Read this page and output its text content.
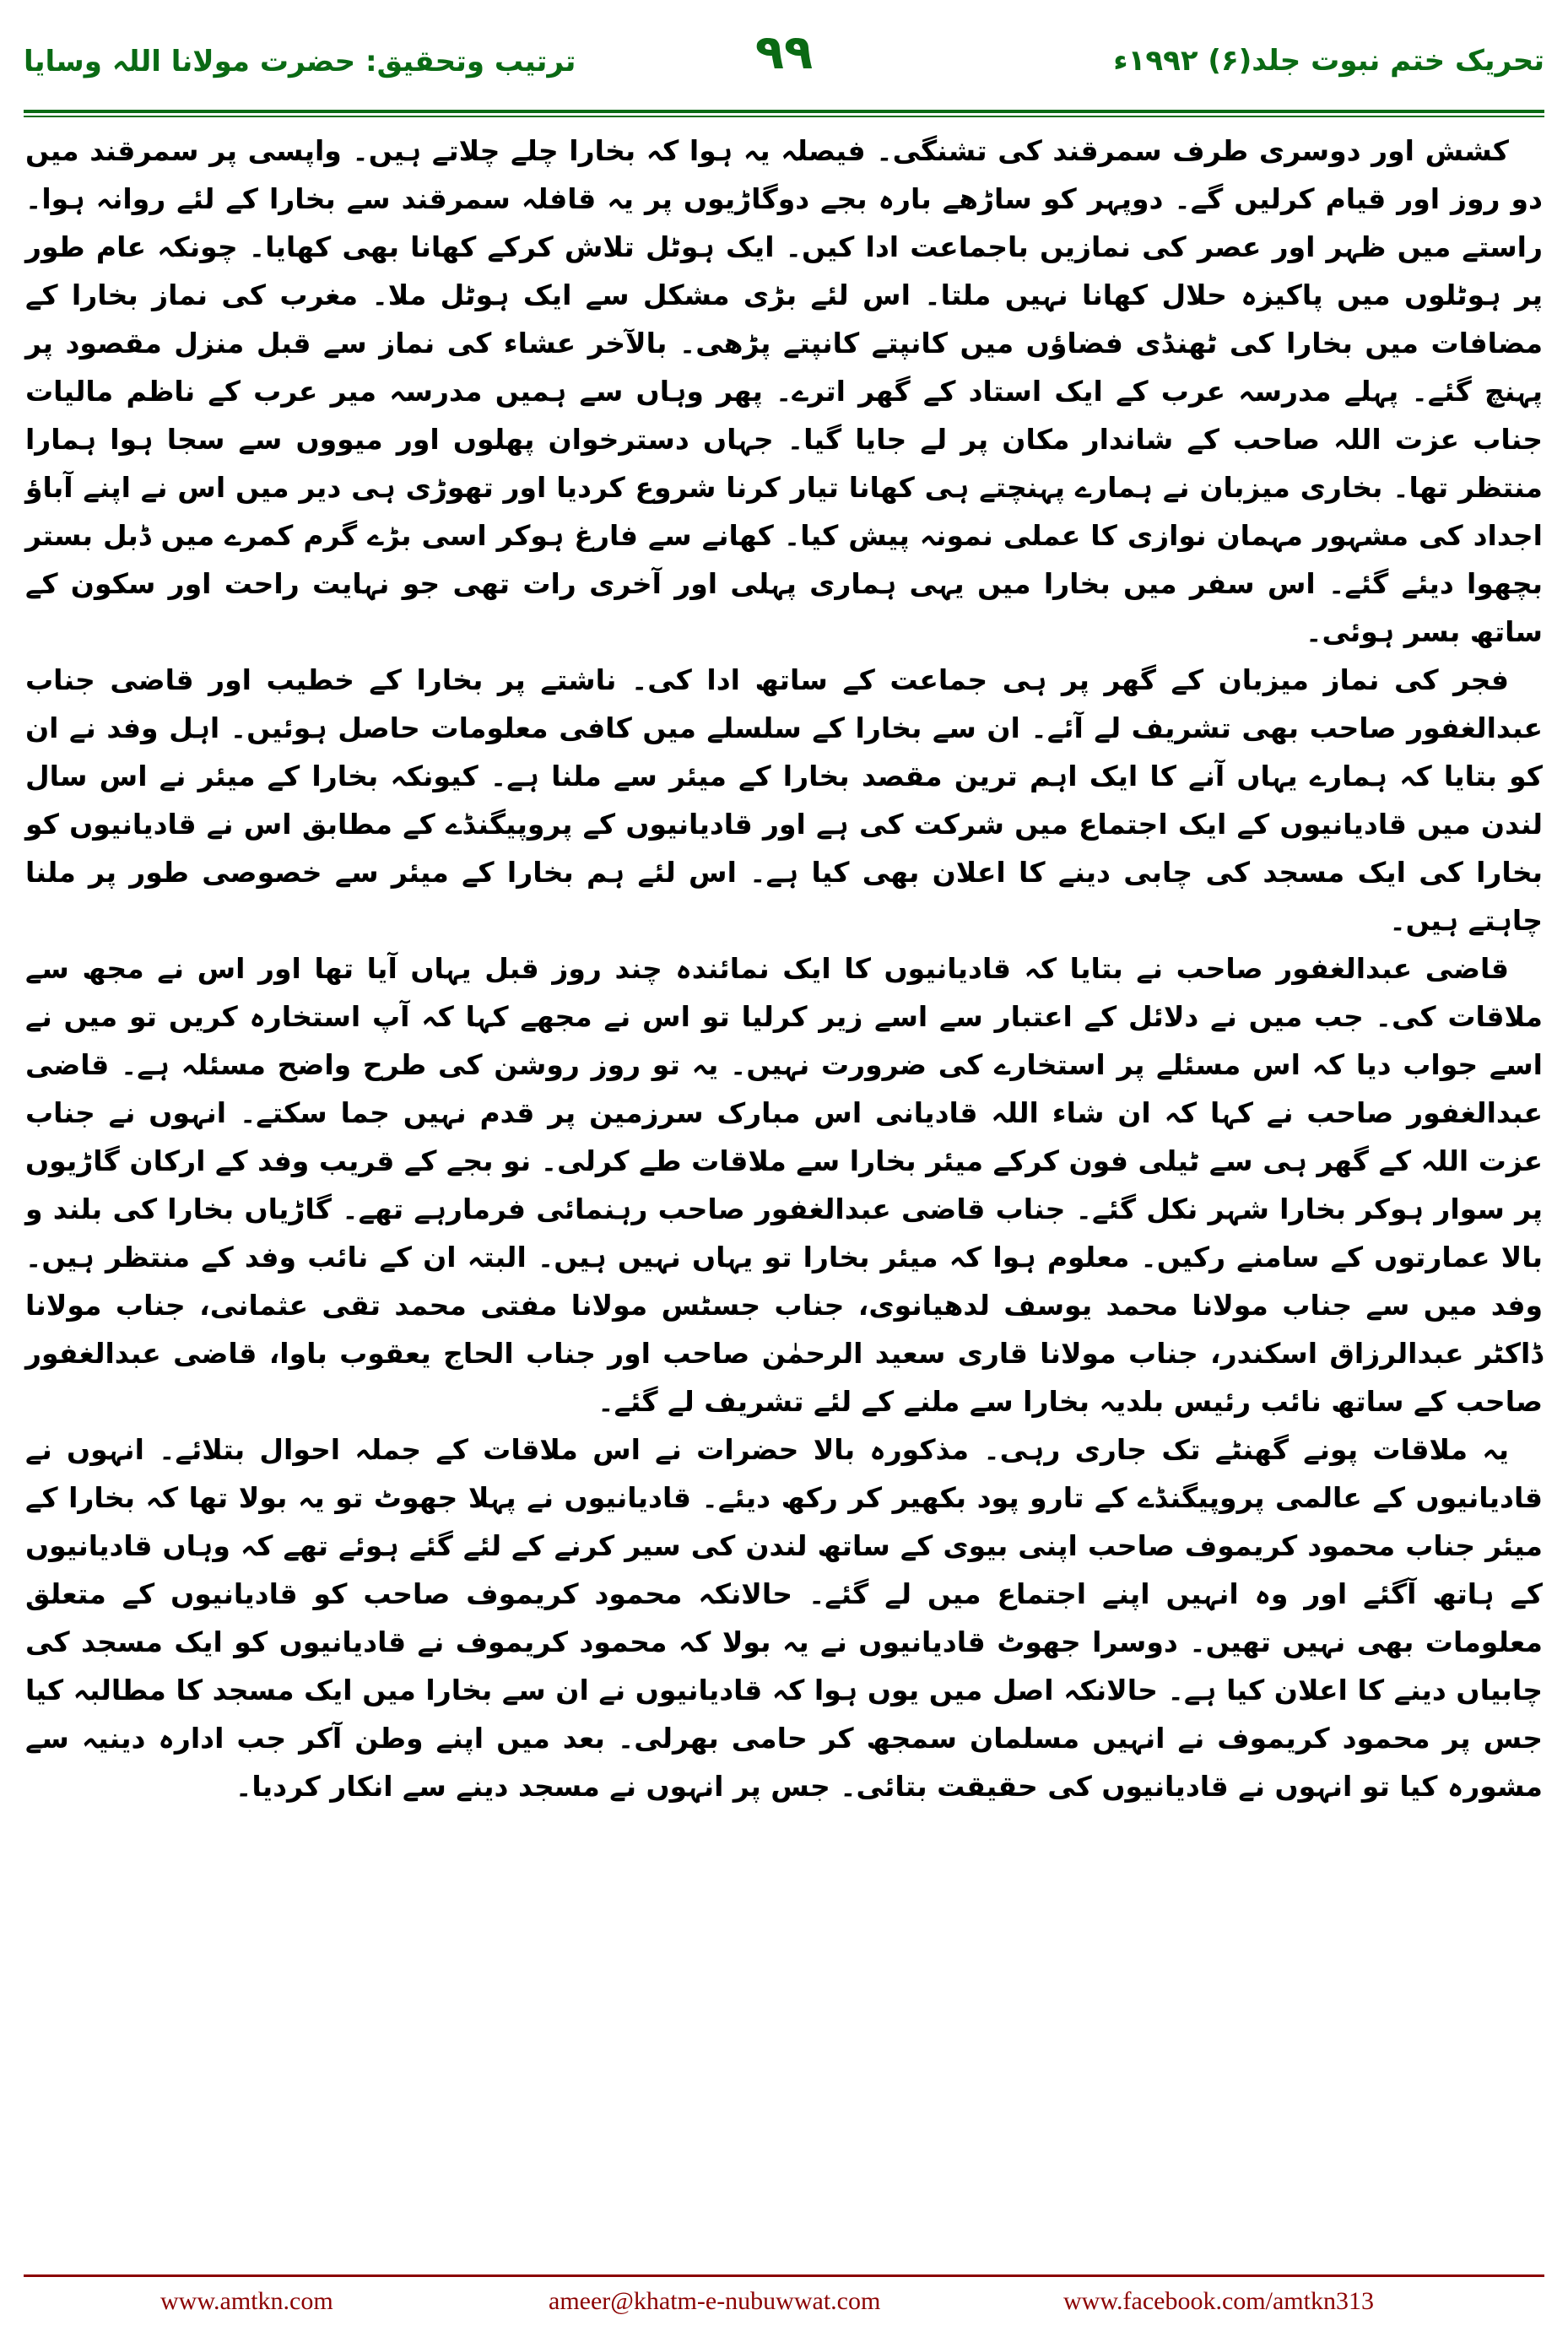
ترتیب وتحقیق: حضرت مولانا اللہ وسایا	۹۹	تحریک ختم نبوت جلد(۶) ۱۹۹۲ء

کشش اور دوسری طرف سمرقند کی تشنگی۔ فیصلہ یہ ہوا کہ بخارا چلے چلاتے ہیں۔ واپسی پر سمرقند میں دو روز اور قیام کرلیں گے۔ دوپہر کو ساڑھے بارہ بجے دوگاڑیوں پر یہ قافلہ سمرقند سے بخارا کے لئے روانہ ہوا۔ راستے میں ظہر اور عصر کی نمازیں باجماعت ادا کیں۔ ایک ہوٹل تلاش کرکے کھانا بھی کھایا۔ چونکہ عام طور پر ہوٹلوں میں پاکیزہ حلال کھانا نہیں ملتا۔ اس لئے بڑی مشکل سے ایک ہوٹل ملا۔ مغرب کی نماز بخارا کے مضافات میں بخارا کی ٹھنڈی فضاؤں میں کانپتے کانپتے پڑھی۔ بالآخر عشاء کی نماز سے قبل منزل مقصود پر پہنچ گئے۔ پہلے مدرسہ عرب کے ایک استاد کے گھر اترے۔ پھر وہاں سے ہمیں مدرسہ میر عرب کے ناظم مالیات جناب عزت اللہ صاحب کے شاندار مکان پر لے جایا گیا۔ جہاں دسترخوان پھلوں اور میووں سے سجا ہوا ہمارا منتظر تھا۔ بخاری میزبان نے ہمارے پہنچتے ہی کھانا تیار کرنا شروع کردیا اور تھوڑی ہی دیر میں اس نے اپنے آباؤ اجداد کی مشہور مہمان نوازی کا عملی نمونہ پیش کیا۔ کھانے سے فارغ ہوکر اسی بڑے گرم کمرے میں ڈبل بستر بچھوا دیئے گئے۔ اس سفر میں بخارا میں یہی ہماری پہلی اور آخری رات تھی جو نہایت راحت اور سکون کے ساتھ بسر ہوئی۔

فجر کی نماز میزبان کے گھر پر ہی جماعت کے ساتھ ادا کی۔ ناشتے پر بخارا کے خطیب اور قاضی جناب عبدالغفور صاحب بھی تشریف لے آئے۔ ان سے بخارا کے سلسلے میں کافی معلومات حاصل ہوئیں۔ اہل وفد نے ان کو بتایا کہ ہمارے یہاں آنے کا ایک اہم ترین مقصد بخارا کے میئر سے ملنا ہے۔ کیونکہ بخارا کے میئر نے اس سال لندن میں قادیانیوں کے ایک اجتماع میں شرکت کی ہے اور قادیانیوں کے پروپیگنڈے کے مطابق اس نے قادیانیوں کو بخارا کی ایک مسجد کی چابی دینے کا اعلان بھی کیا ہے۔ اس لئے ہم بخارا کے میئر سے خصوصی طور پر ملنا چاہتے ہیں۔

قاضی عبدالغفور صاحب نے بتایا کہ قادیانیوں کا ایک نمائندہ چند روز قبل یہاں آیا تھا اور اس نے مجھ سے ملاقات کی۔ جب میں نے دلائل کے اعتبار سے اسے زیر کرلیا تو اس نے مجھے کہا کہ آپ استخارہ کریں تو میں نے اسے جواب دیا کہ اس مسئلے پر استخارے کی ضرورت نہیں۔ یہ تو روز روشن کی طرح واضح مسئلہ ہے۔ قاضی عبدالغفور صاحب نے کہا کہ ان شاء اللہ قادیانی اس مبارک سرزمین پر قدم نہیں جما سکتے۔ انہوں نے جناب عزت اللہ کے گھر ہی سے ٹیلی فون کرکے میئر بخارا سے ملاقات طے کرلی۔ نو بجے کے قریب وفد کے ارکان گاڑیوں پر سوار ہوکر بخارا شہر نکل گئے۔ جناب قاضی عبدالغفور صاحب رہنمائی فرمارہے تھے۔ گاڑیاں بخارا کی بلند و بالا عمارتوں کے سامنے رکیں۔ معلوم ہوا کہ میئر بخارا تو یہاں نہیں ہیں۔ البتہ ان کے نائب وفد کے منتظر ہیں۔ وفد میں سے جناب مولانا محمد یوسف لدھیانوی، جناب جسٹس مولانا مفتی محمد تقی عثمانی، جناب مولانا ڈاکٹر عبدالرزاق اسکندر، جناب مولانا قاری سعید الرحمٰن صاحب اور جناب الحاج یعقوب باوا، قاضی عبدالغفور صاحب کے ساتھ نائب رئیس بلدیہ بخارا سے ملنے کے لئے تشریف لے گئے۔

یہ ملاقات پونے گھنٹے تک جاری رہی۔ مذکورہ بالا حضرات نے اس ملاقات کے جملہ احوال بتلائے۔ انہوں نے قادیانیوں کے عالمی پروپیگنڈے کے تارو پود بکھیر کر رکھ دیئے۔ قادیانیوں نے پہلا جھوٹ تو یہ بولا تھا کہ بخارا کے میئر جناب محمود کریموف صاحب اپنی بیوی کے ساتھ لندن کی سیر کرنے کے لئے گئے ہوئے تھے کہ وہاں قادیانیوں کے ہاتھ آگئے اور وہ انہیں اپنے اجتماع میں لے گئے۔ حالانکہ محمود کریموف صاحب کو قادیانیوں کے متعلق معلومات بھی نہیں تھیں۔ دوسرا جھوٹ قادیانیوں نے یہ بولا کہ محمود کریموف نے قادیانیوں کو ایک مسجد کی چابیاں دینے کا اعلان کیا ہے۔ حالانکہ اصل میں یوں ہوا کہ قادیانیوں نے ان سے بخارا میں ایک مسجد کا مطالبہ کیا جس پر محمود کریموف نے انہیں مسلمان سمجھ کر حامی بھرلی۔ بعد میں اپنے وطن آکر جب ادارہ دینیہ سے مشورہ کیا تو انہوں نے قادیانیوں کی حقیقت بتائی۔ جس پر انہوں نے مسجد دینے سے انکار کردیا۔

www.amtkn.com	ameer@khatm-e-nubuwwat.com	www.facebook.com/amtkn313
